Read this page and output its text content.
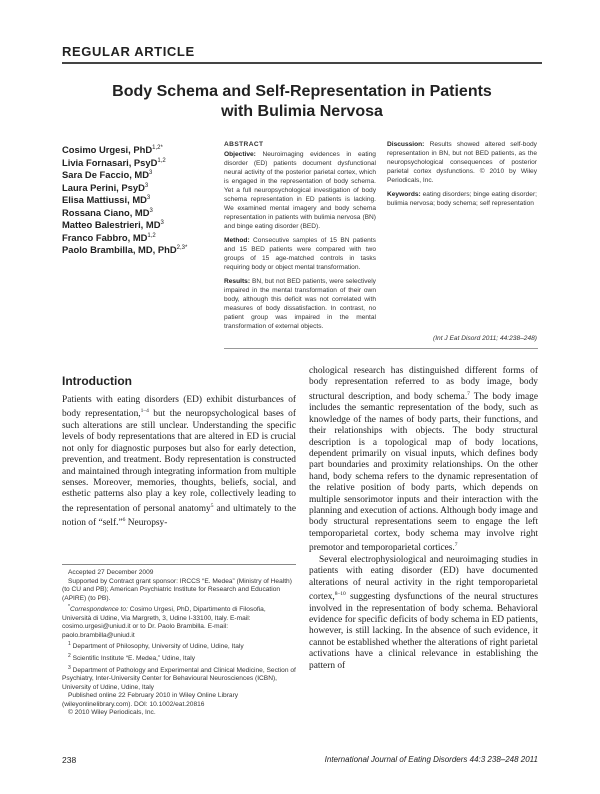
REGULAR ARTICLE
Body Schema and Self-Representation in Patients
with Bulimia Nervosa
Cosimo Urgesi, PhD$^{1,2*}$
Livia Fornasari, PsyD$^{1,2}$
Sara De Faccio, $MD^3$
Laura Perini, PsyD$^3$
Elisa Mattiussi, $MD^3$
Rossana Ciano, $MD^3$
Matteo Balestrieri, $MD^3$
Franco Fabbro, MD$^{1,2}$
Paolo Brambilla, MD, PhD$^{2,3*}$
ABSTRACT

Objective: Neuroimaging evidences in eating disorder (ED) patients document dysfunctional neural activity of the posterior parietal cortex, which is engaged in the representation of body schema. Yet a full neuropsychological investigation of body schema representation in ED patients is lacking. We examined mental imagery and body schema representation in patients with bulimia nervosa (BN) and binge eating disorder (BED).

Method: Consecutive samples of 15 BN patients and 15 BED patients were compared with two groups of 15 age-matched controls in tasks requiring body or object mental transformation.

Results: BN, but not BED patients, were selectively impaired in the mental transformation of their own body, although this deficit was not correlated with measures of body dissatisfaction. In contrast, no patient group was impaired in the mental transformation of external objects.

Discussion: Results showed altered self-body representation in BN, but not BED patients, as the neuropsychological consequences of posterior parietal cortex dysfunctions. © 2010 by Wiley Periodicals, Inc.

Keywords: eating disorders; binge eating disorder; bulimia nervosa; body schema; self representation

(Int J Eat Disord 2011; 44:238–248)
Introduction

Patients with eating disorders (ED) exhibit disturbances of body representation,$^{1-4}$ but the neuropsychological bases of such alterations are still unclear. Understanding the specific levels of body representations that are altered in ED is crucial not only for diagnostic purposes but also for early detection, prevention, and treatment. Body representation is constructed and maintained through integrating information from multiple senses. Moreover, memories, thoughts, beliefs, social, and esthetic patterns also play a key role, collectively leading to the representation of personal anatomy$^5$ and ultimately to the notion of “self.”$^6$ Neuropsy-

chological research has distinguished different forms of body representation referred to as body image, body structural description, and body schema.$^7$ The body image includes the semantic representation of the body, such as knowledge of the names of body parts, their functions, and their relationships with objects. The body structural description is a topological map of body locations, dependent primarily on visual inputs, which defines body part boundaries and proximity relationships. On the other hand, body schema refers to the dynamic representation of the relative position of body parts, which depends on multiple sensorimotor inputs and their interaction with the planning and execution of actions. Although body image and body structural representations seem to engage the left temporoparietal cortex, body schema may involve right premotor and temporoparietal cortices.$^7$

Several electrophysiological and neuroimaging studies in patients with eating disorder (ED) have documented alterations of neural activity in the right temporoparietal cortex,$^{8-10}$ suggesting dysfunctions of the neural structures involved in the representation of body schema. Behavioral evidence for specific deficits of body schema in ED patients, however, is still lacking. In the absence of such evidence, it cannot be established whether the alterations of right parietal activations have a clinical relevance in establishing the pattern of

Accepted 27 December 2009
Supported by Contract grant sponsor: IRCCS “E. Medea” (Ministry of Health) (to CU and PB); American Psychiatric Institute for Research and Education (APIRE) (to PB).
*Correspondence to: Cosimo Urgesi, PhD, Dipartimento di Filosofia, Università di Udine, Via Margreth, 3, Udine I-33100, Italy. E-mail: cosimo.urgesi@uniud.it or to Dr. Paolo Brambilla. E-mail: paolo.brambilla@uniud.it
$^1$ Department of Philosophy, University of Udine, Udine, Italy
$^2$ Scientific Institute “E. Medea,” Udine, Italy
$^3$ Department of Pathology and Experimental and Clinical Medicine, Section of Psychiatry, Inter-University Center for Behavioural Neurosciences (ICBN), University of Udine, Udine, Italy
Published online 22 February 2010 in Wiley Online Library (wileyonlinelibrary.com). DOI: 10.1002/eat.20816
© 2010 Wiley Periodicals, Inc.
238	International Journal of Eating Disorders 44:3 238–248 2011
